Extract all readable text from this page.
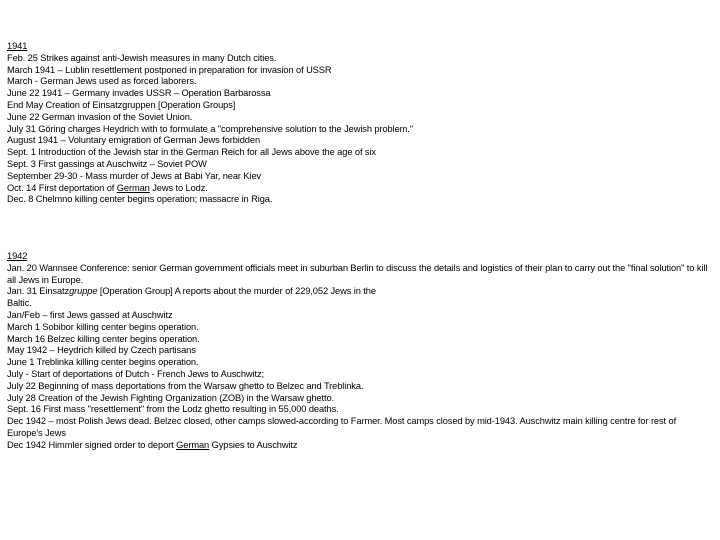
1941
Feb. 25 Strikes against anti-Jewish measures in many Dutch cities.
March 1941 – Lublin resettlement postponed in preparation for invasion of USSR
March - German Jews used as forced laborers.
June 22 1941 – Germany invades USSR – Operation Barbarossa
End May Creation of Einsatzgruppen [Operation Groups]
June 22 German invasion of the Soviet Union.
July 31 Göring charges Heydrich with to formulate a "comprehensive solution to the Jewish problem."
August 1941 – Voluntary emigration of German Jews forbidden
Sept. 1 Introduction of the Jewish star in the German Reich for all Jews above the age of six
Sept. 3 First gassings at Auschwitz – Soviet POW
September 29-30 - Mass murder of Jews at Babi Yar, near Kiev
Oct. 14 First deportation of German Jews to Lodz.
Dec. 8 Chelmno killing center begins operation; massacre in Riga.
1942
Jan. 20 Wannsee Conference: senior German government officials meet in suburban Berlin to discuss the details and logistics of their plan to carry out the "final solution" to kill all Jews in Europe.
Jan. 31 Einsatzgruppe [Operation Group] A reports about the murder of 229,052 Jews in the
Baltic.
Jan/Feb – first Jews gassed at Auschwitz
March 1 Sobibor killing center begins operation.
March 16 Belzec killing center begins operation.
May 1942 – Heydrich killed by Czech partisans
June 1 Treblinka killing center begins operation.
July - Start of deportations of Dutch - French Jews to Auschwitz;
July 22 Beginning of mass deportations from the Warsaw ghetto to Belzec and Treblinka.
July 28 Creation of the Jewish Fighting Organization (ZOB) in the Warsaw ghetto.
Sept. 16 First mass "resettlement" from the Lodz ghetto resulting in 55,000 deaths.
Dec 1942 – most Polish Jews dead. Belzec closed, other camps slowed-according to Farmer. Most camps closed by mid-1943. Auschwitz main killing centre for rest of Europe's Jews
Dec 1942 Himmler signed order to deport German Gypsies to Auschwitz
